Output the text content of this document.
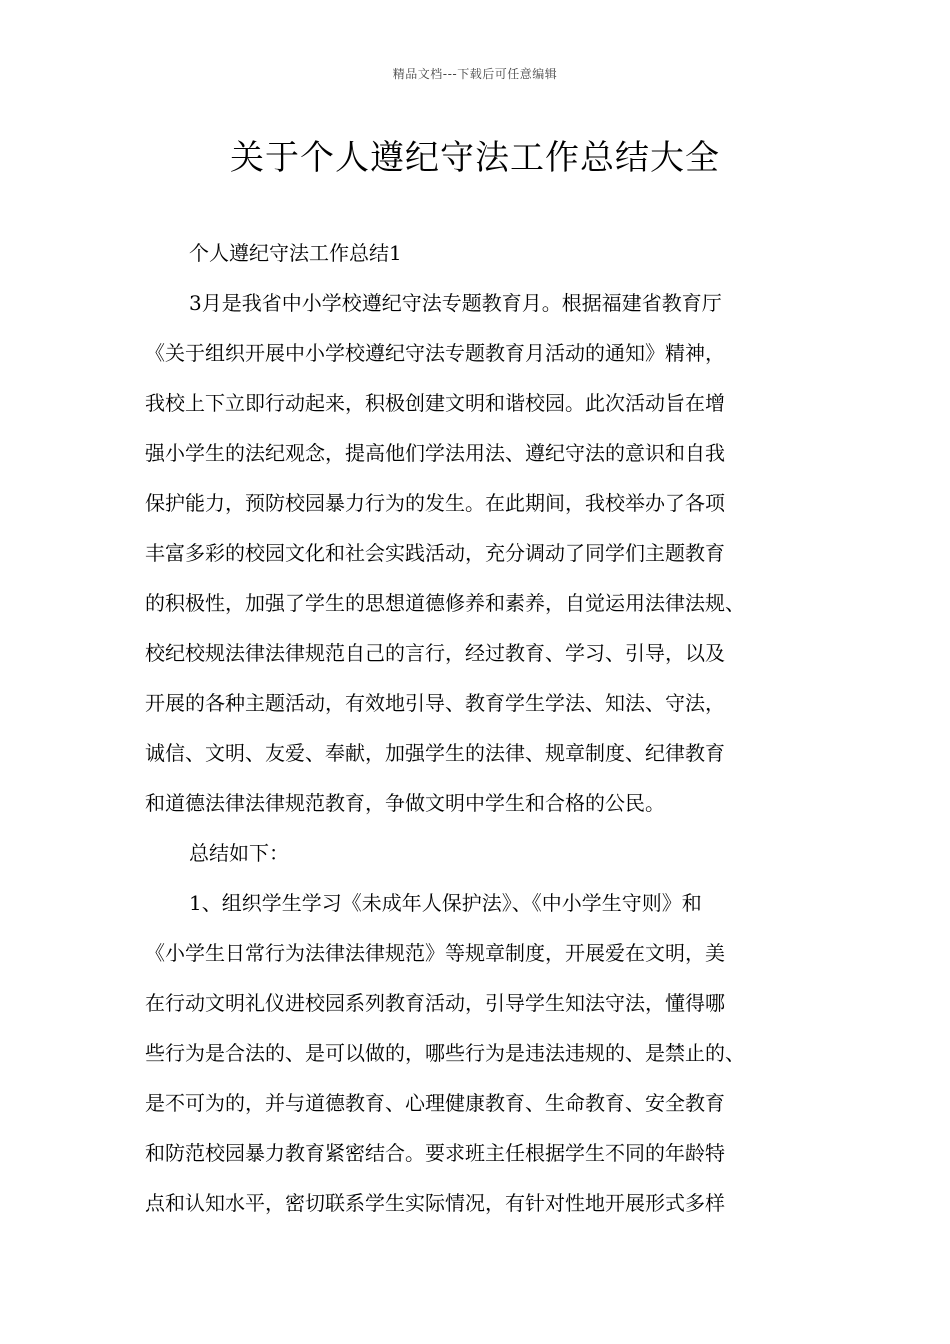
精品文档---下载后可任意编辑
关于个人遵纪守法工作总结大全
个人遵纪守法工作总结1
3月是我省中小学校遵纪守法专题教育月。根据福建省教育厅
《关于组织开展中小学校遵纪守法专题教育月活动的通知》精神，
我校上下立即行动起来，积极创建文明和谐校园。此次活动旨在增
强小学生的法纪观念，提高他们学法用法、遵纪守法的意识和自我
保护能力，预防校园暴力行为的发生。在此期间，我校举办了各项
丰富多彩的校园文化和社会实践活动，充分调动了同学们主题教育
的积极性，加强了学生的思想道德修养和素养，自觉运用法律法规、
校纪校规法律法律规范自己的言行，经过教育、学习、引导，以及
开展的各种主题活动，有效地引导、教育学生学法、知法、守法，
诚信、文明、友爱、奉献，加强学生的法律、规章制度、纪律教育
和道德法律法律规范教育，争做文明中学生和合格的公民。
总结如下：
1、组织学生学习《未成年人保护法》、《中小学生守则》和
《小学生日常行为法律法律规范》等规章制度，开展爱在文明，美
在行动文明礼仪进校园系列教育活动，引导学生知法守法，懂得哪
些行为是合法的、是可以做的，哪些行为是违法违规的、是禁止的、
是不可为的，并与道德教育、心理健康教育、生命教育、安全教育
和防范校园暴力教育紧密结合。要求班主任根据学生不同的年龄特
点和认知水平，密切联系学生实际情况，有针对性地开展形式多样
